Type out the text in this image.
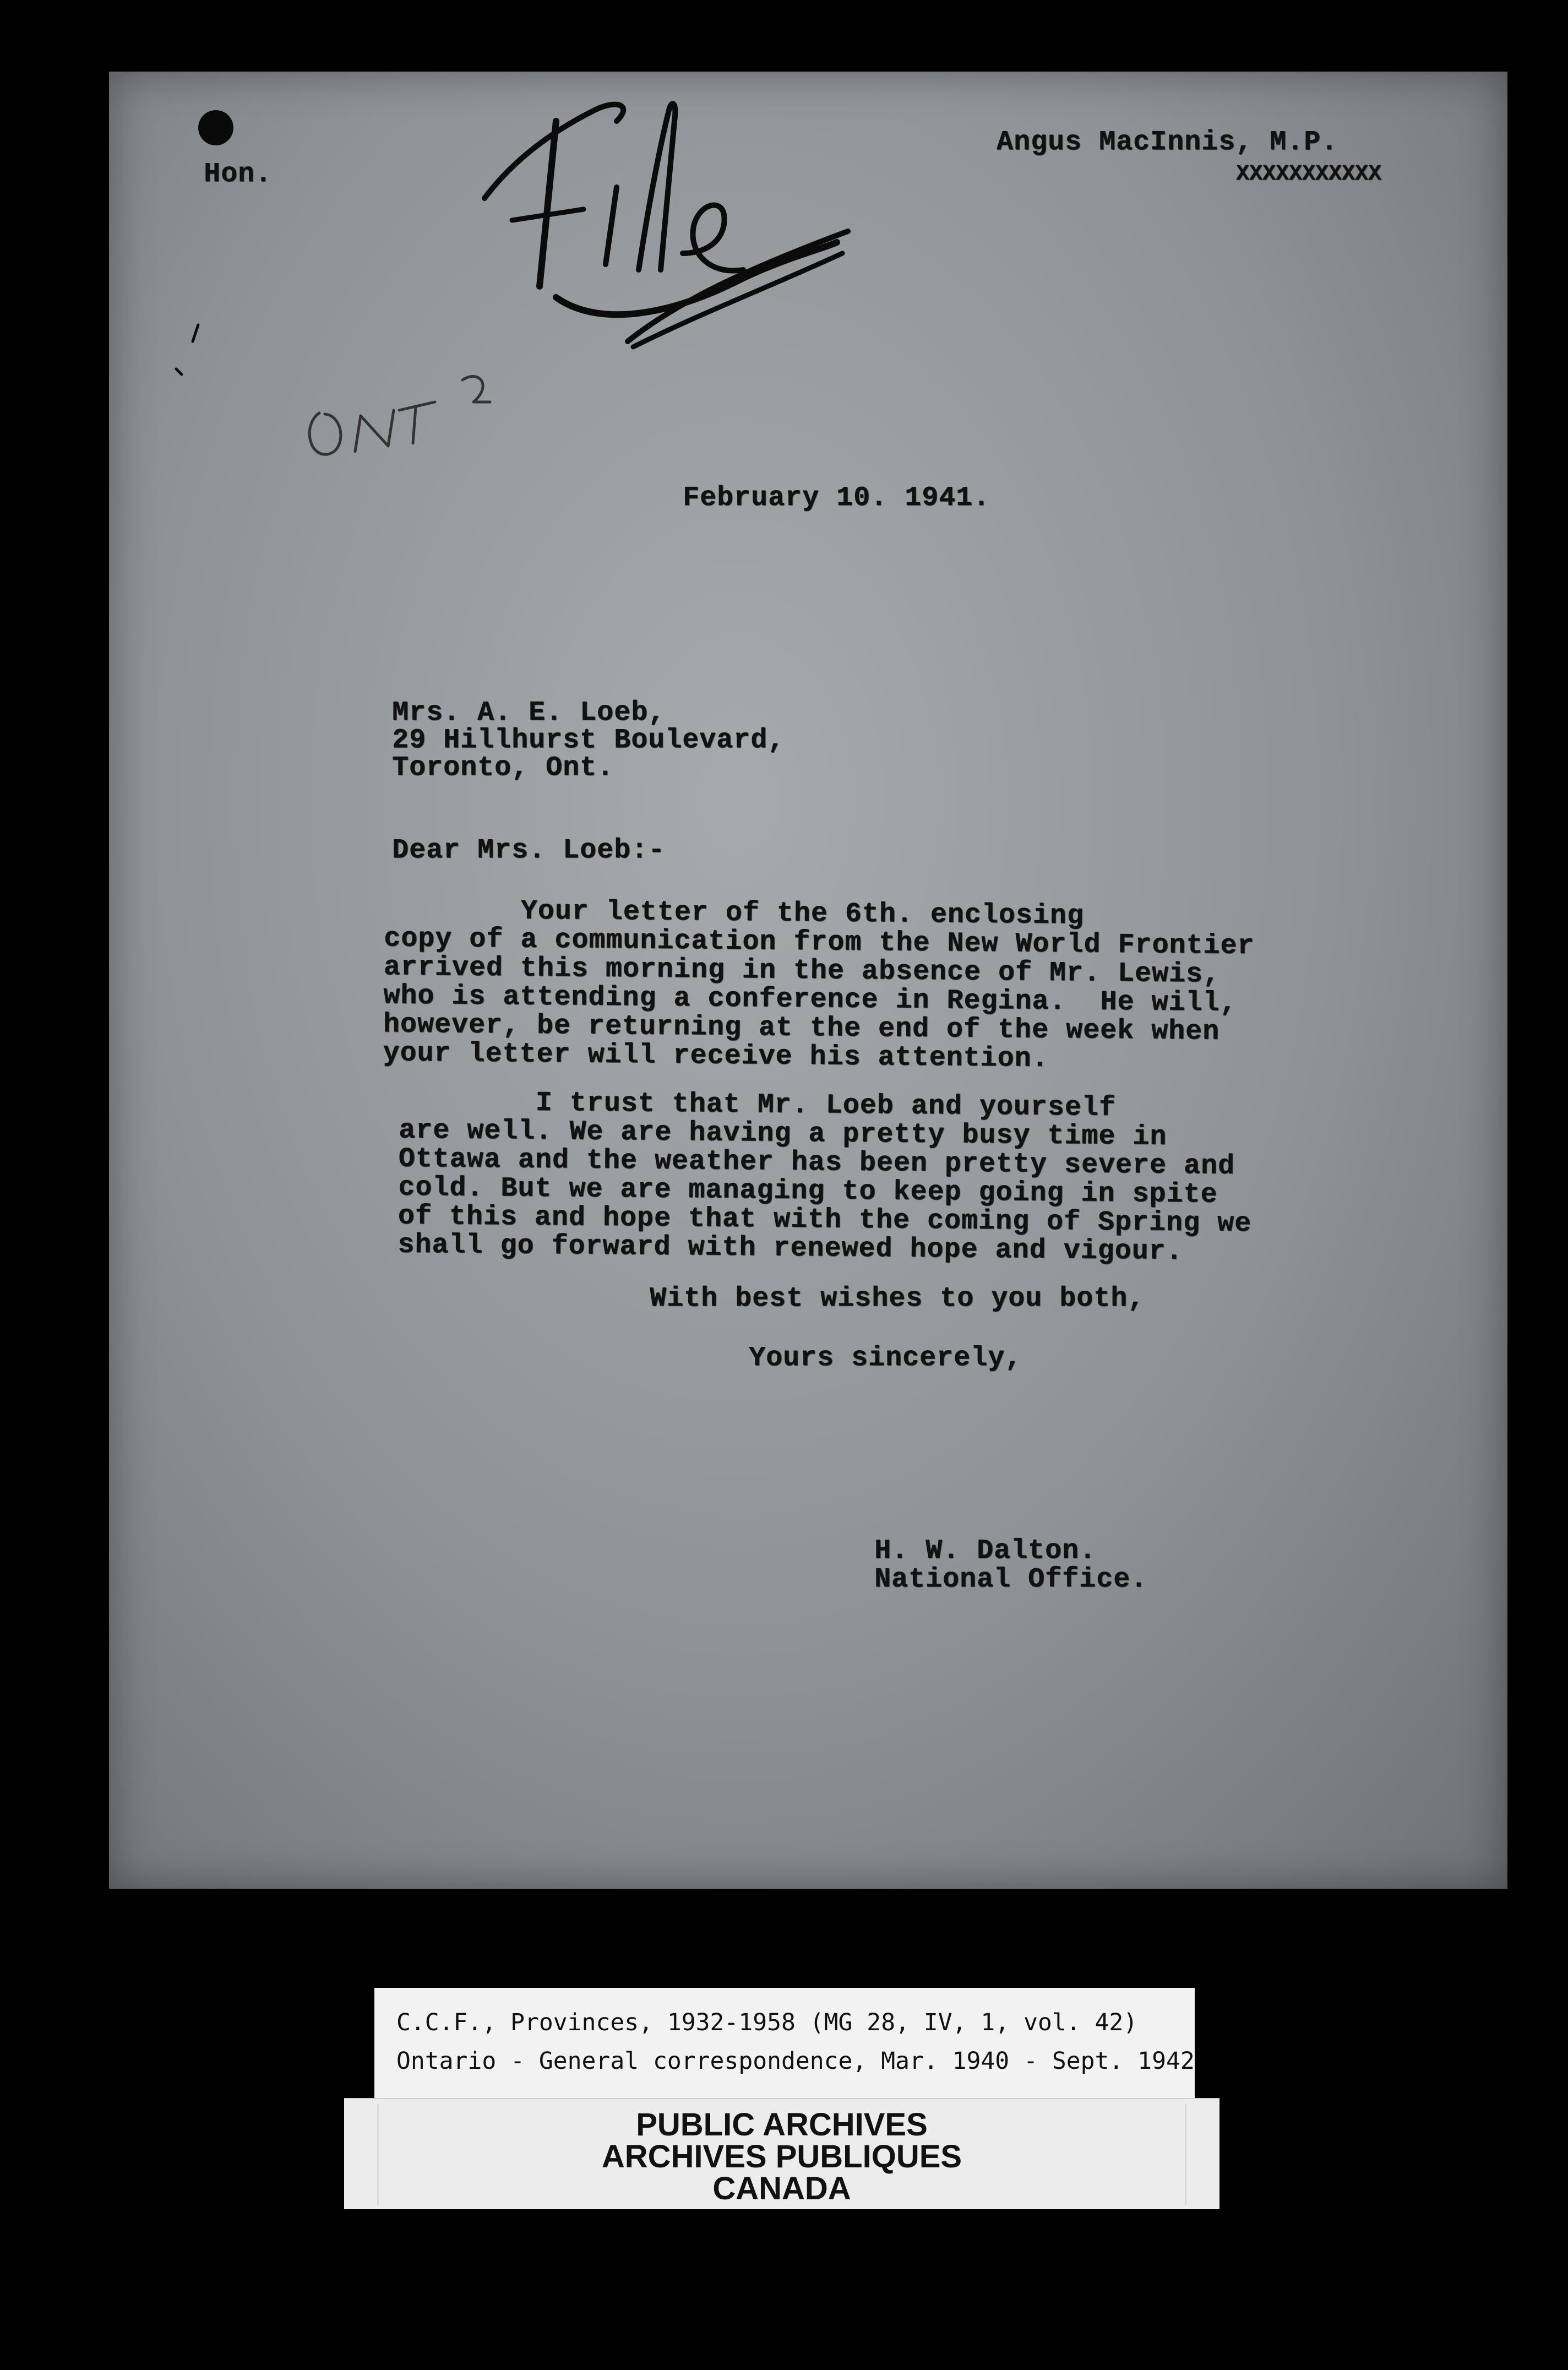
Hon.

Angus MacInnis, M.P.

XXXXXXXXXXX

February 10. 1941.

Mrs. A. E. Loeb,

29 Hillhurst Boulevard,

Toronto, Ont.

Dear Mrs. Loeb:-

Your letter of the 6th. enclosing

copy of a communication from the New World Frontier

arrived this morning in the absence of Mr. Lewis,

who is attending a conference in Regina.  He will,

however, be returning at the end of the week when

your letter will receive his attention.

I trust that Mr. Loeb and yourself

are well. We are having a pretty busy time in

Ottawa and the weather has been pretty severe and

cold. But we are managing to keep going in spite

of this and hope that with the coming of Spring we

shall go forward with renewed hope and vigour.

With best wishes to you both,

Yours sincerely,

H. W. Dalton.

National Office.

C.C.F., Provinces, 1932-1958 (MG 28, IV, 1, vol. 42)
Ontario - General correspondence, Mar. 1940 - Sept. 1942
PUBLIC ARCHIVES
ARCHIVES PUBLIQUES
CANADA
